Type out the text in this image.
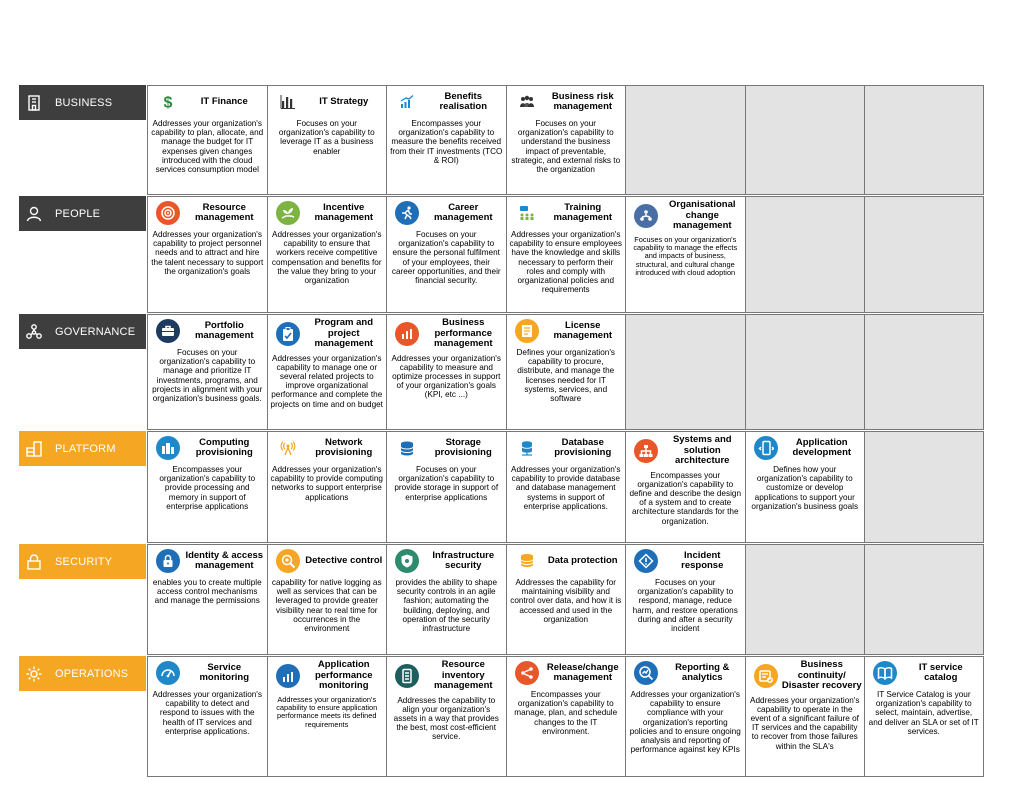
BUSINESS	$	IT Finance
Addresses your organization's capability to plan, allocate, and manage the budget for IT expenses given changes introduced with the cloud services consumption model
IT Strategy
Focuses on your organization's capability to leverage IT as a business enabler
Benefits realisation
Encompasses your organization's capability to measure the benefits received from their IT investments (TCO & ROI)
Business risk management
Focuses on your organization's capability to understand the business impact of preventable, strategic, and external risks to the organization
PEOPLE
Resource management
Addresses your organization's capability to project personnel needs and to attract and hire the talent necessary to support the organization's goals
Incentive management
Addresses your organization's capability to ensure that workers receive competitive compensation and benefits for the value they bring to your organization
Career management
Focuses on your organization's capability to ensure the personal fulfilment of your employees, their career opportunities, and their financial security.
Training management
Addresses your organization's capability to ensure employees have the knowledge and skills necessary to perform their roles and comply with organizational policies and requirements
Organisational change management
Focuses on your organization's capability to manage the effects and impacts of business, structural, and cultural change introduced with cloud adoption
GOVERNANCE
Portfolio management
Focuses on your organization's capability to manage and prioritize IT investments, programs, and projects in alignment with your organization's business goals.
Program and project management
Addresses your organization's capability to manage one or several related projects to improve organizational performance and complete the projects on time and on budget
Business performance management
Addresses your organization's capability to measure and optimize processes in support of your organization's goals (KPI, etc ...)
License management
Defines your organization's capability to procure, distribute, and manage the licenses needed for IT systems, services, and software
PLATFORM
Computing provisioning
Encompasses your organization's capability to provide processing and memory in support of enterprise applications
Network provisioning
Addresses your organization's capability to provide computing networks to support enterprise applications
Storage provisioning
Focuses on your organization's capability to provide storage in support of enterprise applications
Database provisioning
Addresses your organization's capability to provide database and database management systems in support of enterprise applications.
Systems and solution architecture
Encompasses your organization's capability to define and describe the design of a system and to create architecture standards for the organization.
Application development
Defines how your organization's capability to customize or develop applications to support your organization's business goals
SECURITY
Identity & access management
enables you to create multiple access control mechanisms and manage the permissions
Detective control
capability for native logging as well as services that can be leveraged to provide greater visibility near to real time for occurrences in the environment
Infrastructure security
provides the ability to shape security controls in an agile fashion; automating the building, deploying, and operation of the security infrastructure
Data protection
Addresses the capability for maintaining visibility and control over data, and how it is accessed and used in the organization
Incident response
Focuses on your organization's capability to respond, manage, reduce harm, and restore operations during and after a security incident
OPERATIONS
Service monitoring
Addresses your organization's capability to detect and respond to issues with the health of IT services and enterprise applications.
Application performance monitoring
Addresses your organization's capability to ensure application performance meets its defined requirements
Resource inventory management
Addresses the capability to align your organization's assets in a way that provides the best, most cost-efficient service.
Release/change management
Encompasses your organization's capability to manage, plan, and schedule changes to the IT environment.
Reporting & analytics
Addresses your organization's capability to ensure compliance with your organization's reporting policies and to ensure ongoing analysis and reporting of performance against key KPIs
Business continuity/ Disaster recovery
Addresses your organization's capability to operate in the event of a significant failure of IT services and the capability to recover from those failures within the SLA's
IT service catalog
IT Service Catalog is your organization's capability to select, maintain, advertise, and deliver an SLA or set of IT services.
